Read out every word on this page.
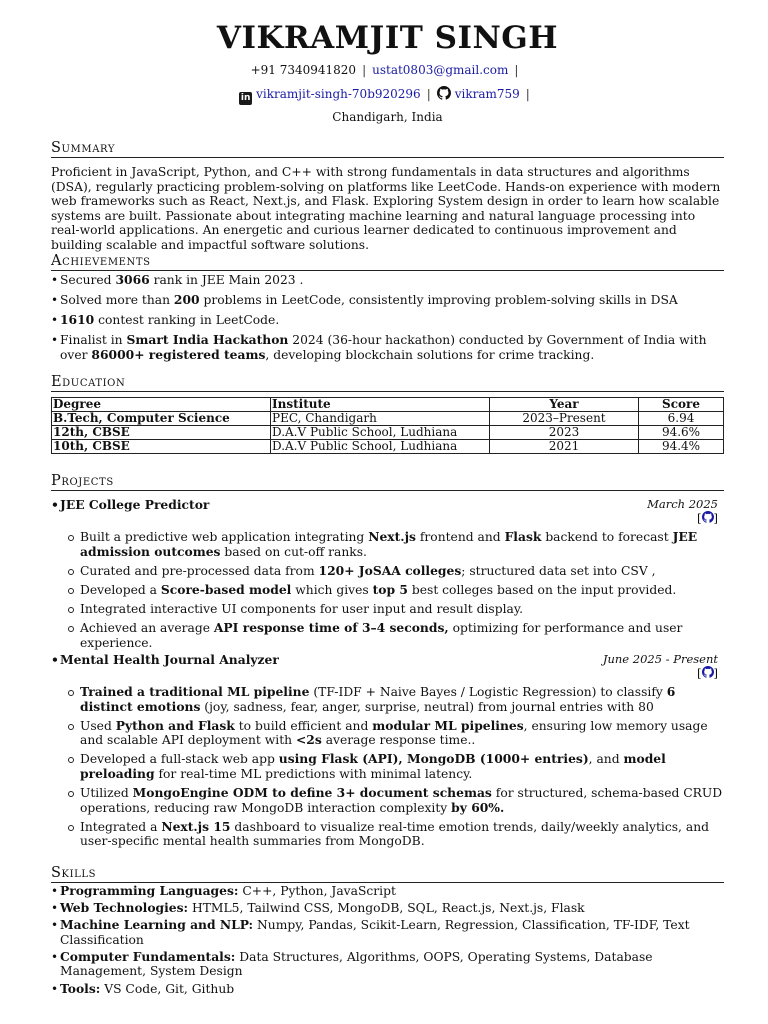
VIKRAMJIT SINGH
+91 7340941820 | ustat0803@gmail.com |
in vikramjit-singh-70b920296 | vikram759 |
Chandigarh, India
Summary

Proficient in JavaScript, Python, and C++ with strong fundamentals in data structures and algorithms (DSA), regularly practicing problem-solving on platforms like LeetCode. Hands-on experience with modern web frameworks such as React, Next.js, and Flask. Exploring System design in order to learn how scalable systems are built. Passionate about integrating machine learning and natural language processing into real-world applications. An energetic and curious learner dedicated to continuous improvement and building scalable and impactful software solutions.

Achievements
• Secured 3066 rank in JEE Main 2023 .
• Solved more than 200 problems in LeetCode, consistently improving problem-solving skills in DSA
• 1610 contest ranking in LeetCode.
• Finalist in Smart India Hackathon 2024 (36-hour hackathon) conducted by Government of India with over 86000+ registered teams, developing blockchain solutions for crime tracking.
Education
Degree	Institute	Year	Score
B.Tech, Computer Science	PEC, Chandigarh	2023–Present	6.94
12th, CBSE	D.A.V Public School, Ludhiana	2023	94.6%
10th, CBSE	D.A.V Public School, Ludhiana	2021	94.4%
Projects
• JEE College Predictor	March 2025
[ ]
Built a predictive web application integrating Next.js frontend and Flask backend to forecast JEE admission outcomes based on cut-off ranks.
Curated and pre-processed data from 120+ JoSAA colleges; structured data set into CSV ,
Developed a Score-based model which gives top 5 best colleges based on the input provided.
Integrated interactive UI components for user input and result display.
Achieved an average API response time of 3–4 seconds, optimizing for performance and user experience.
• Mental Health Journal Analyzer	June 2025 - Present
[ ]
Trained a traditional ML pipeline (TF-IDF + Naive Bayes / Logistic Regression) to classify 6 distinct emotions (joy, sadness, fear, anger, surprise, neutral) from journal entries with 80
Used Python and Flask to build efficient and modular ML pipelines, ensuring low memory usage and scalable API deployment with <2s average response time..
Developed a full-stack web app using Flask (API), MongoDB (1000+ entries), and model preloading for real-time ML predictions with minimal latency.
Utilized MongoEngine ODM to define 3+ document schemas for structured, schema-based CRUD operations, reducing raw MongoDB interaction complexity by 60%.
Integrated a Next.js 15 dashboard to visualize real-time emotion trends, daily/weekly analytics, and user-specific mental health summaries from MongoDB.
Skills
• Programming Languages: C++, Python, JavaScript
• Web Technologies: HTML5, Tailwind CSS, MongoDB, SQL, React.js, Next.js, Flask
• Machine Learning and NLP: Numpy, Pandas, Scikit-Learn, Regression, Classification, TF-IDF, Text Classification
• Computer Fundamentals: Data Structures, Algorithms, OOPS, Operating Systems, Database Management, System Design
• Tools: VS Code, Git, Github
